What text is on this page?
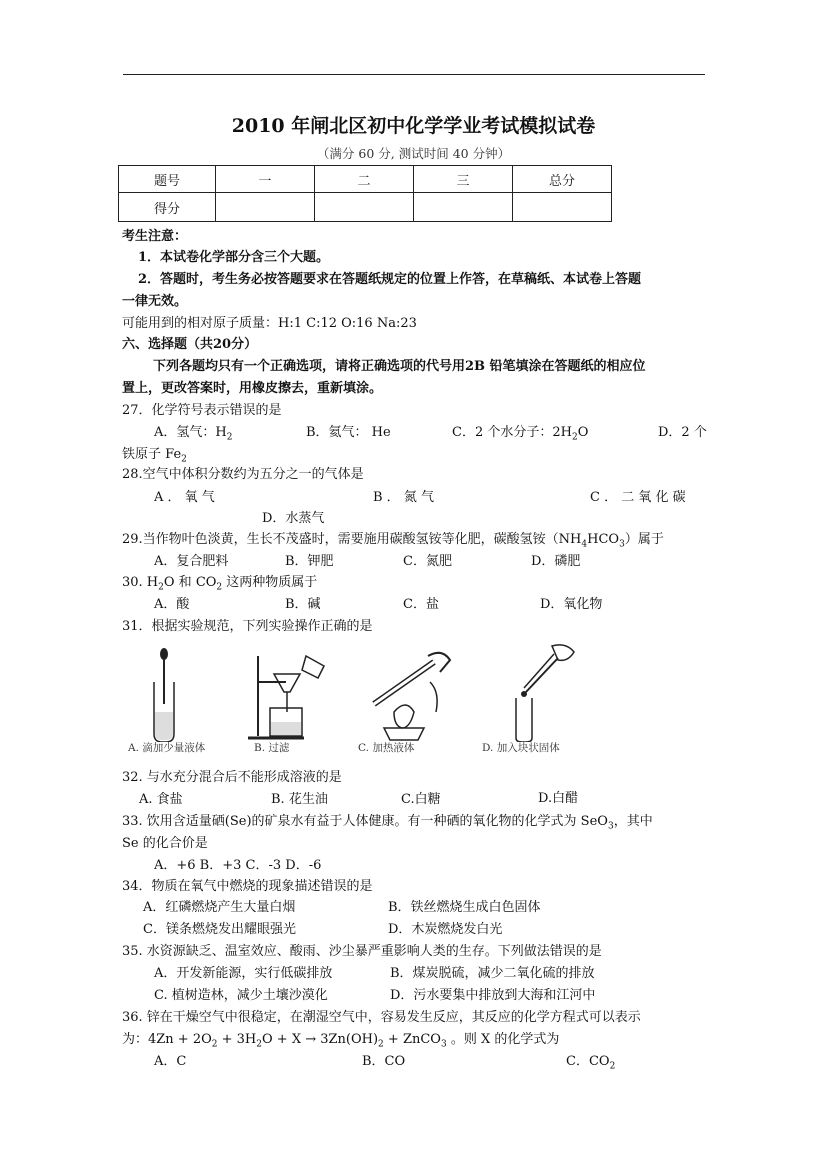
2010 年闸北区初中化学学业考试模拟试卷
（满分 60 分, 测试时间 40 分钟）
题号	一	二	三	总分
得分				
考生注意：
1．本试卷化学部分含三个大题。
2．答题时，考生务必按答题要求在答题纸规定的位置上作答，在草稿纸、本试卷上答题
一律无效。
可能用到的相对原子质量：H:1 C:12 O:16 Na:23
六、选择题（共20分）
下列各题均只有一个正确选项，请将正确选项的代号用2B 铅笔填涂在答题纸的相应位
置上，更改答案时，用橡皮擦去，重新填涂。
27．化学符号表示错误的是
A．氢气：$H_2$	B．氦气： He	C．2 个水分子：$2H_2O$	D．2 个
铁原子 $Fe_2$
28.空气中体积分数约为五分之一的气体是
A ． 氧 气	B ． 氮 气	C ． 二 氧 化 碳
D．水蒸气
29.当作物叶色淡黄，生长不茂盛时，需要施用碳酸氢铵等化肥，碳酸氢铵$(NH_4HCO_3)$属于
A．复合肥料	B．钾肥	C．氮肥	D．磷肥
30. $H_2O$ 和 $CO_2$ 这两种物质属于
A．酸	B．碱	C．盐	D．氧化物
31．根据实验规范，下列实验操作正确的是
A. 滴加少量液体	B. 过滤	C. 加热液体	D. 加入块状固体
32. 与水充分混合后不能形成溶液的是
A. 食盐	B. 花生油	C.白糖	D.白醋
33. 饮用含适量硒(Se)的矿泉水有益于人体健康。有一种硒的氧化物的化学式为 SeO$_3$，其中
Se 的化合价是
A．+6 B．+3 C．-3 D．-6
34．物质在氧气中燃烧的现象描述错误的是
A．红磷燃烧产生大量白烟	B．铁丝燃烧生成白色固体
C．镁条燃烧发出耀眼强光	D．木炭燃烧发白光
35. 水资源缺乏、温室效应、酸雨、沙尘暴严重影响人类的生存。下列做法错误的是
A．开发新能源，实行低碳排放	B．煤炭脱硫，减少二氧化硫的排放
C. 植树造林，减少土壤沙漠化	D．污水要集中排放到大海和江河中
36. 锌在干燥空气中很稳定，在潮湿空气中，容易发生反应，其反应的化学方程式可以表示
为：$4Zn + 2O_2 + 3H_2O + X \to 3Zn(OH)_2$ + ZnCO$_3$ 。则 X 的化学式为
A．C	B．CO	C．$CO_2$
